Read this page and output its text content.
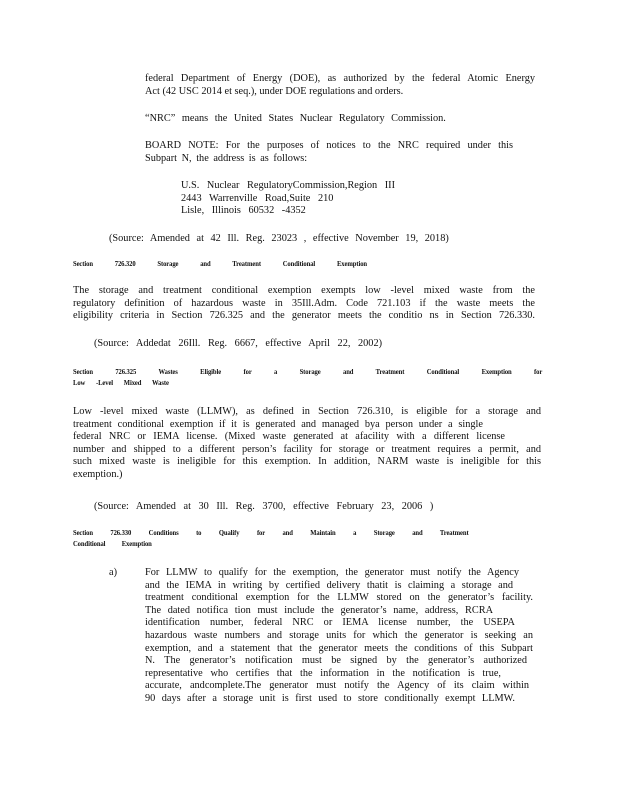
federal Department of Energy (DOE), as authorized by the federal Atomic Energy
Act (42 USC 2014 et seq.), under DOE regulations and orders.
“NRC” means the United States Nuclear Regulatory Commission.
BOARD NOTE: For the purposes of notices to the NRC required under this
Subpart N, the address is as follows:
U.S. Nuclear RegulatoryCommission,Region III
2443 Warrenville Road,Suite 210
Lisle, Illinois 60532 -4352
(Source: Amended at 42 Ill. Reg. 23023 , effective November 19, 2018)
Section 726.320 Storage and Treatment Conditional Exemption
The storage and treatment conditional exemption exempts low -level mixed waste from the
regulatory definition of hazardous waste in 35Ill.Adm. Code 721.103 if the waste meets the
eligibility criteria in Section 726.325 and the generator meets the conditio ns in Section 726.330.
(Source: Addedat 26Ill. Reg. 6667, effective April 22, 2002)
Section 726.325 Wastes Eligible for a Storage and Treatment Conditional Exemption for
Low -Level Mixed Waste
Low -level mixed waste (LLMW), as defined in Section 726.310, is eligible for a storage and
treatment conditional exemption if it is generated and managed bya person under a single
federal NRC or IEMA license. (Mixed waste generated at afacility with a different license
number and shipped to a different person’s facility for storage or treatment requires a permit, and
such mixed waste is ineligible for this exemption. In addition, NARM waste is ineligible for this
exemption.)
(Source: Amended at 30 Ill. Reg. 3700, effective February 23, 2006 )
Section 726.330 Conditions to Qualify for and Maintain a Storage and Treatment
Conditional Exemption
a)	For LLMW to qualify for the exemption, the generator must notify the Agency
and the IEMA in writing by certified delivery thatit is claiming a storage and
treatment conditional exemption for the LLMW stored on the generator’s facility.
The dated notifica tion must include the generator’s name, address, RCRA
identification number, federal NRC or IEMA license number, the USEPA
hazardous waste numbers and storage units for which the generator is seeking an
exemption, and a statement that the generator meets the conditions of this Subpart
N. The generator’s notification must be signed by the generator’s authorized
representative who certifies that the information in the notification is true,
accurate, andcomplete.The generator must notify the Agency of its claim within
90 days after a storage unit is first used to store conditionally exempt LLMW.
